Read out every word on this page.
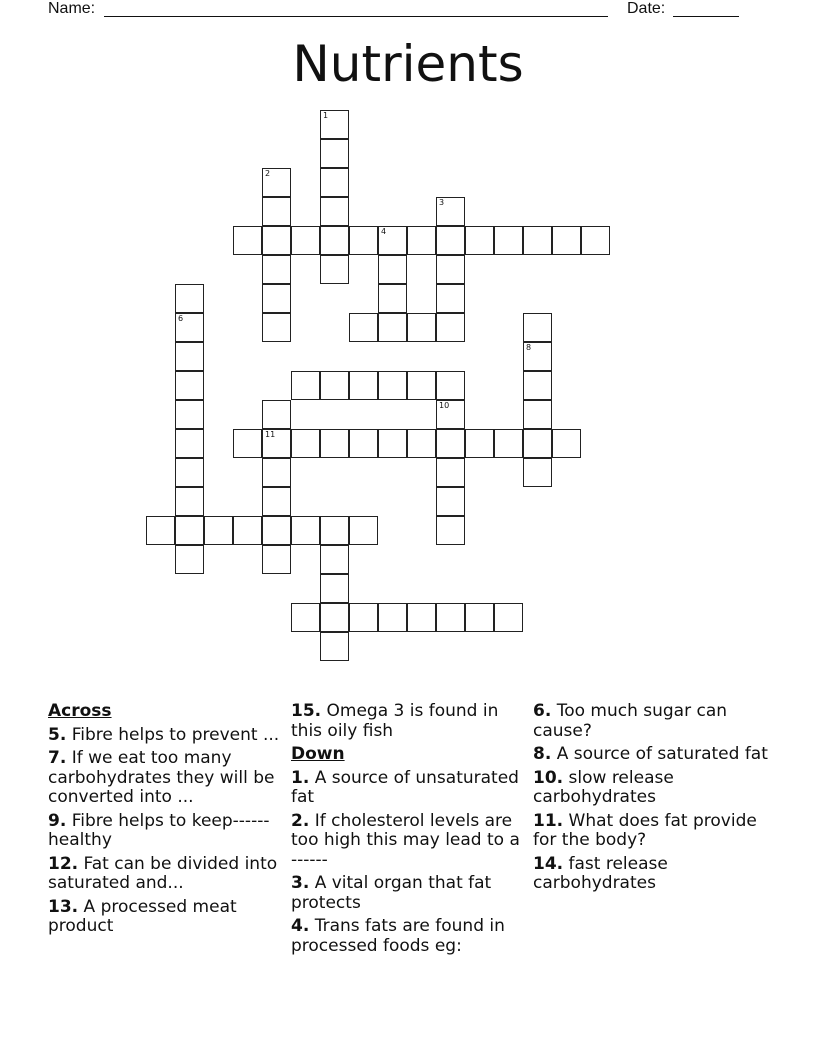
Name:	Date:
Nutrients
1
2
3
4
6
8
10
11
Across
5. Fibre helps to prevent ...
7. If we eat too many carbohydrates they will be converted into ...
9. Fibre helps to keep------healthy
12. Fat can be divided into saturated and...
13. A processed meat product
15. Omega 3 is found in this oily fish
Down
1. A source of unsaturated fat
2. If cholesterol levels are too high this may lead to a ------
3. A vital organ that fat protects
4. Trans fats are found in processed foods eg:
6. Too much sugar can cause?
8. A source of saturated fat
10. slow release carbohydrates
11. What does fat provide for the body?
14. fast release carbohydrates
